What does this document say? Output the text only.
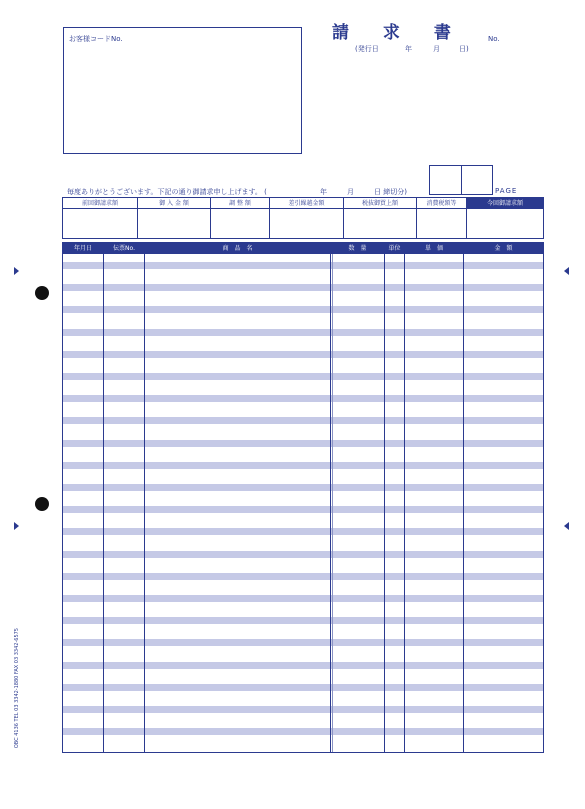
OBC 4136 TEL 03 3342-1880 FAX 03 3342-6575
請 求 書	No.
(発行日	年	月	日)
お客様コードNo.
PAGE
毎度ありがとうございます。下記の通り御請求申し上げます。 (	年	月	日 締切分)
前回御請求額	御 入 金 額	調 整 額	差引繰越金額	税抜御買上額	消費税額等	今回御請求額
年月日	伝票No.	商　品　名	数　量	単位	単　価	金　額
